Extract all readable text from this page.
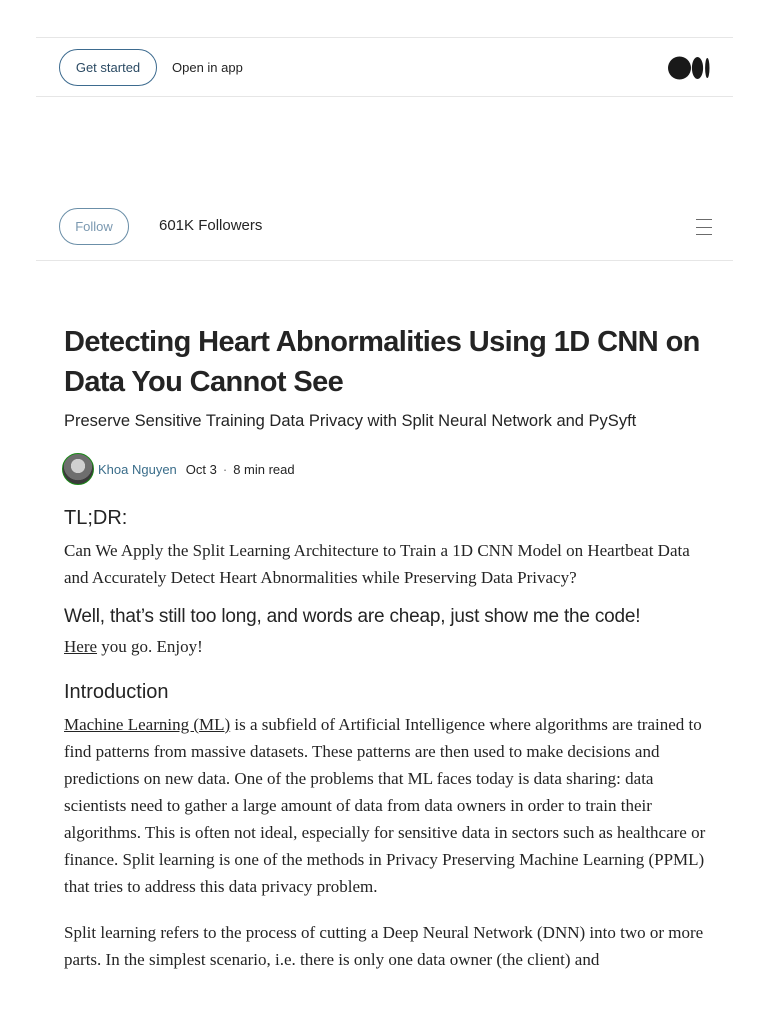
Get started	Open in app
Follow	601K Followers
Detecting Heart Abnormalities Using 1D CNN on Data You Cannot See
Preserve Sensitive Training Data Privacy with Split Neural Network and PySyft
Khoa Nguyen Oct 3 · 8 min read
TL;DR:

Can We Apply the Split Learning Architecture to Train a 1D CNN Model on Heartbeat Data and Accurately Detect Heart Abnormalities while Preserving Data Privacy?

Well, that’s still too long, and words are cheap, just show me the code!

Here you go. Enjoy!

Introduction

Machine Learning (ML) is a subfield of Artificial Intelligence where algorithms are trained to find patterns from massive datasets. These patterns are then used to make decisions and predictions on new data. One of the problems that ML faces today is data sharing: data scientists need to gather a large amount of data from data owners in order to train their algorithms. This is often not ideal, especially for sensitive data in sectors such as healthcare or finance. Split learning is one of the methods in Privacy Preserving Machine Learning (PPML) that tries to address this data privacy problem.

Split learning refers to the process of cutting a Deep Neural Network (DNN) into two or more parts. In the simplest scenario, i.e. there is only one data owner (the client) and
